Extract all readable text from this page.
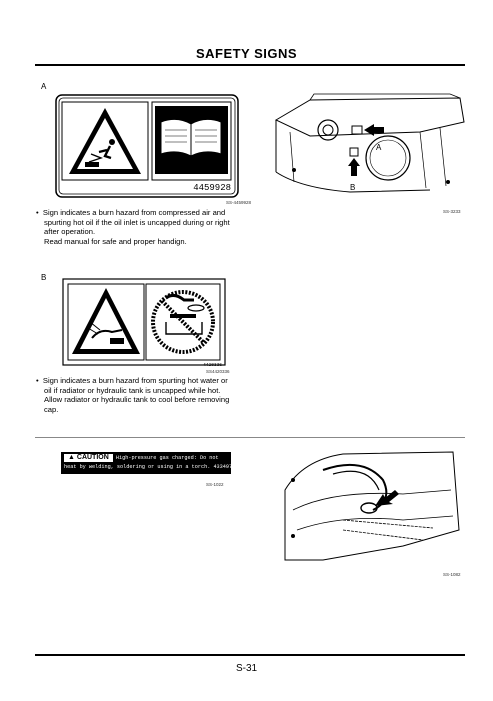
SAFETY SIGNS
A
4459928
SS-4459928

•  Sign indicates a burn hazard from compressed air and

spurting hot oil if the oil inlet is uncapped during or right

after operation.

Read manual for safe and proper handign.

A
B
SS-3233
B
4420336
SS4420336

•  Sign indicates a burn hazard from spurting hot water or

oil if radiator or hydraulic tank is uncapped while hot.

Allow radiator or hydraulic tank to cool before removing

cap.

▲ CAUTION High-pressure gas charged: Do not
heat by welding, soldering or using in a torch. 4334976
SS-1022
SS-1082
S-31
